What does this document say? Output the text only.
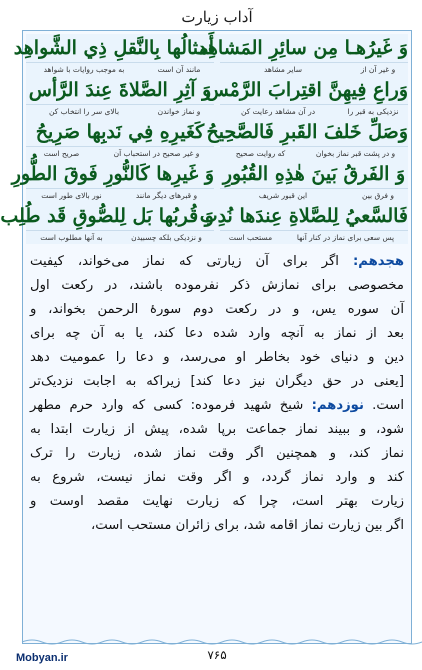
آداب زیارت
وَ غَيرُهـا مِن سائِرِ المَشاهِد
و غیر آن از
سایر مشاهد
أَمثالُها بِالنَّقلِ ذِي الشَّواهِد
مانند آن است
به موجب روایات با شواهد
وَراعِ فِيهِنَّ اقتِرابَ الرَّمْس
نزدیکی به قبر را
در آن مشاهد رعایت کن
وَ آثِرِ الصَّلاةَ عِندَ الرَّأس
و نماز خواندن
بالای سر را انتخاب کن
وَصَلِّ خَلفَ القَبرِ فَالصَّحِيحُ
و در پشت قبر نماز بخوان
که روایت صحیح
كَغَيرِهِ فِي نَدبِها صَرِيحُ
و غیر صحیح در استحباب آن
صریح است
وَ الفَرقُ بَينَ هٰذِهِ القُبُورِ
و فرق بین
این قبور شریف
وَ غَيرِها كَالنُّورِ فَوقَ الطُّورِ
و قبرهای دیگر مانند
نور بالای طور است
فَالسَّعيُ لِلصَّلاةِ عِندَها نُدِب
پس سعی برای نماز در کنار آنها
مستحب است
وَ قُربُها بَل لِلصُّوقِ قَد طُلِب
و نزدیکی بلکه چسبیدن
به آنها مطلوب است
هجدهم: اگر برای آن زیارتی که نماز می‌خواند، کیفیت
مخصوصی برای نمازش ذکر نفرموده باشند، در رکعت اول
آن سوره یس، و در رکعت دوم سورهٔ الرحمن بخواند، و
بعد از نماز به آنچه وارد شده دعا کند، یا به آن چه برای
دین و دنیای خود بخاطر او می‌رسد، و دعا را عمومیت دهد
[یعنی در حق دیگران نیز دعا کند] زیراکه به اجابت نزدیک‌تر
است. نوزدهم: شیخ شهید فرموده: کسی که وارد حرم مطهر
شود، و ببیند نماز جماعت برپا شده، پیش از زیارت ابتدا به
نماز کند، و همچنین اگر وقت نماز شده، زیارت را ترک
کند و وارد نماز گردد، و اگر وقت نماز نیست، شروع به
زیارت بهتر است، چرا که زیارت نهایت مقصد اوست و
اگر بین زیارت نماز اقامه شد، برای زائران مستحب است،
۷۶۵
Mobyan.ir
